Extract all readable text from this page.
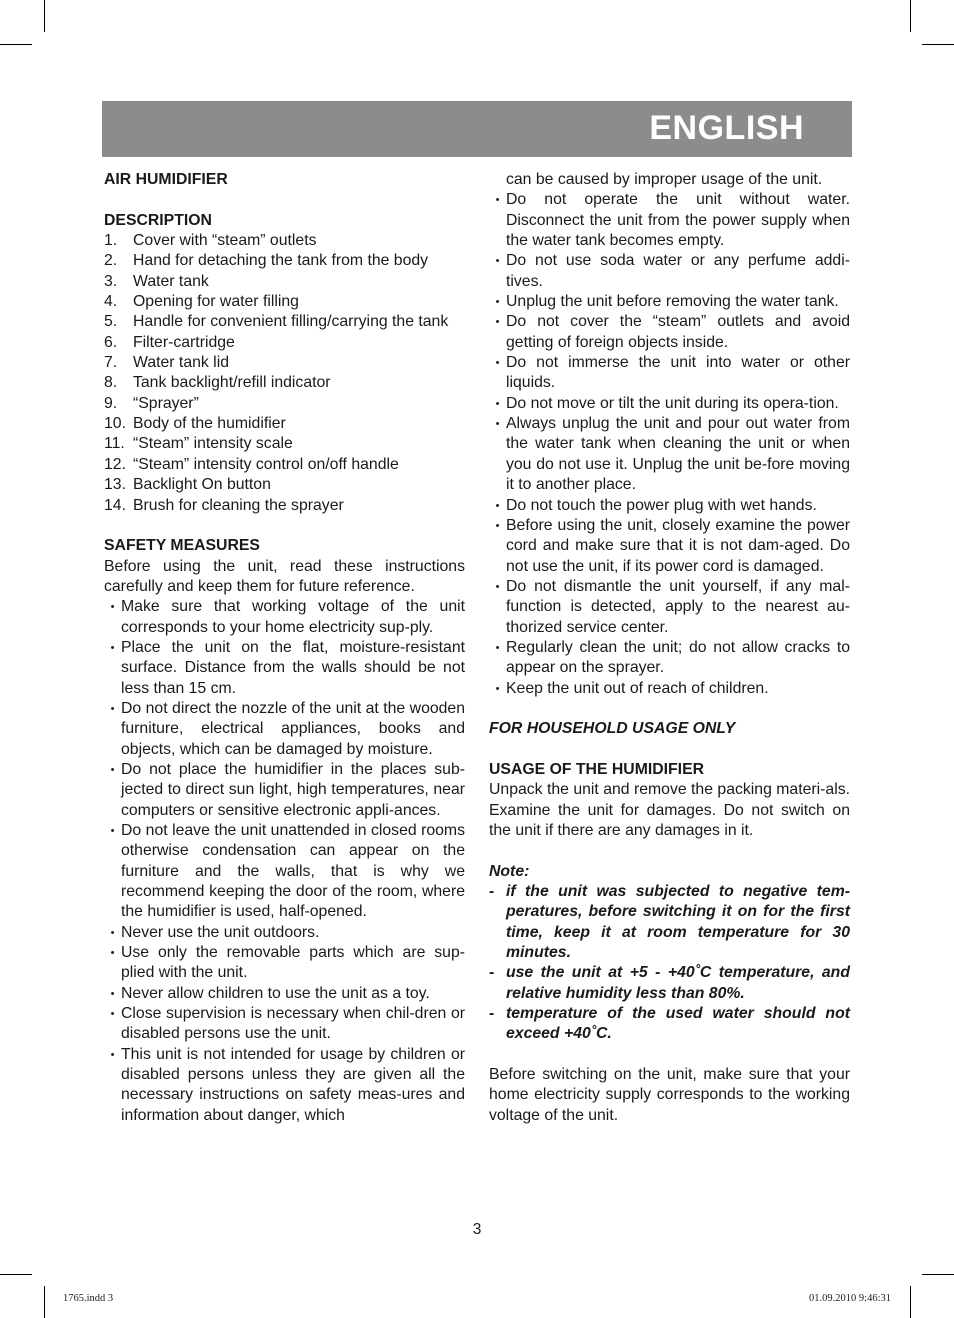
ENGLISH
AIR HUMIDIFIER
DESCRIPTION
1.	Cover with “steam” outlets
2.	Hand for detaching the tank from the body
3.	Water tank
4.	Opening for water filling
5.	Handle for convenient filling/carrying the tank
6.	Filter-cartridge
7.	Water tank lid
8.	Tank backlight/refill indicator
9.	“Sprayer”
10. Body of the humidifier
11. “Steam” intensity scale
12. “Steam” intensity control on/off handle
13. Backlight On button
14. Brush for cleaning the sprayer
SAFETY MEASURES
Before using the unit, read these instructions carefully and keep them for future reference.
• Make sure that working voltage of the unit corresponds to your home electricity sup-ply.
• Place the unit on the flat, moisture-resistant surface. Distance from the walls should be not less than 15 cm.
• Do not direct the nozzle of the unit at the wooden furniture, electrical appliances, books and objects, which can be damaged by moisture.
• Do not place the humidifier in the places sub-jected to direct sun light, high temperatures, near computers or sensitive electronic appli-ances.
• Do not leave the unit unattended in closed rooms otherwise condensation can appear on the furniture and the walls, that is why we recommend keeping the door of the room, where the humidifier is used, half-opened.
• Never use the unit outdoors.
• Use only the removable parts which are sup-plied with the unit.
• Never allow children to use the unit as a toy.
• Close supervision is necessary when chil-dren or disabled persons use the unit.
• This unit is not intended for usage by children or disabled persons unless they are given all the necessary instructions on safety meas-ures and information about danger, which
can be caused by improper usage of the unit.
• Do not operate the unit without water. Disconnect the unit from the power supply when the water tank becomes empty.
• Do not use soda water or any perfume addi-tives.
• Unplug the unit before removing the water tank.
• Do not cover the “steam” outlets and avoid getting of foreign objects inside.
• Do not immerse the unit into water or other liquids.
• Do not move or tilt the unit during its opera-tion.
• Always unplug the unit and pour out water from the water tank when cleaning the unit or when you do not use it. Unplug the unit be-fore moving it to another place.
• Do not touch the power plug with wet hands.
• Before using the unit, closely examine the power cord and make sure that it is not dam-aged. Do not use the unit, if its power cord is damaged.
• Do not dismantle the unit yourself, if any mal-function is detected, apply to the nearest au-thorized service center.
• Regularly clean the unit; do not allow cracks to appear on the sprayer.
• Keep the unit out of reach of children.
FOR HOUSEHOLD USAGE ONLY
USAGE OF THE HUMIDIFIER
Unpack the unit and remove the packing materi-als. Examine the unit for damages. Do not switch on the unit if there are any damages in it.
Note:
- if the unit was subjected to negative tem-peratures, before switching it on for the first time, keep it at room temperature for 30 minutes.
- use the unit at +5 - +40˚C temperature, and relative humidity less than 80%.
- temperature of the used water should not exceed +40˚C.
Before switching on the unit, make sure that your home electricity supply corresponds to the working voltage of the unit.
3
1765.indd 3	01.09.2010 9:46:31
